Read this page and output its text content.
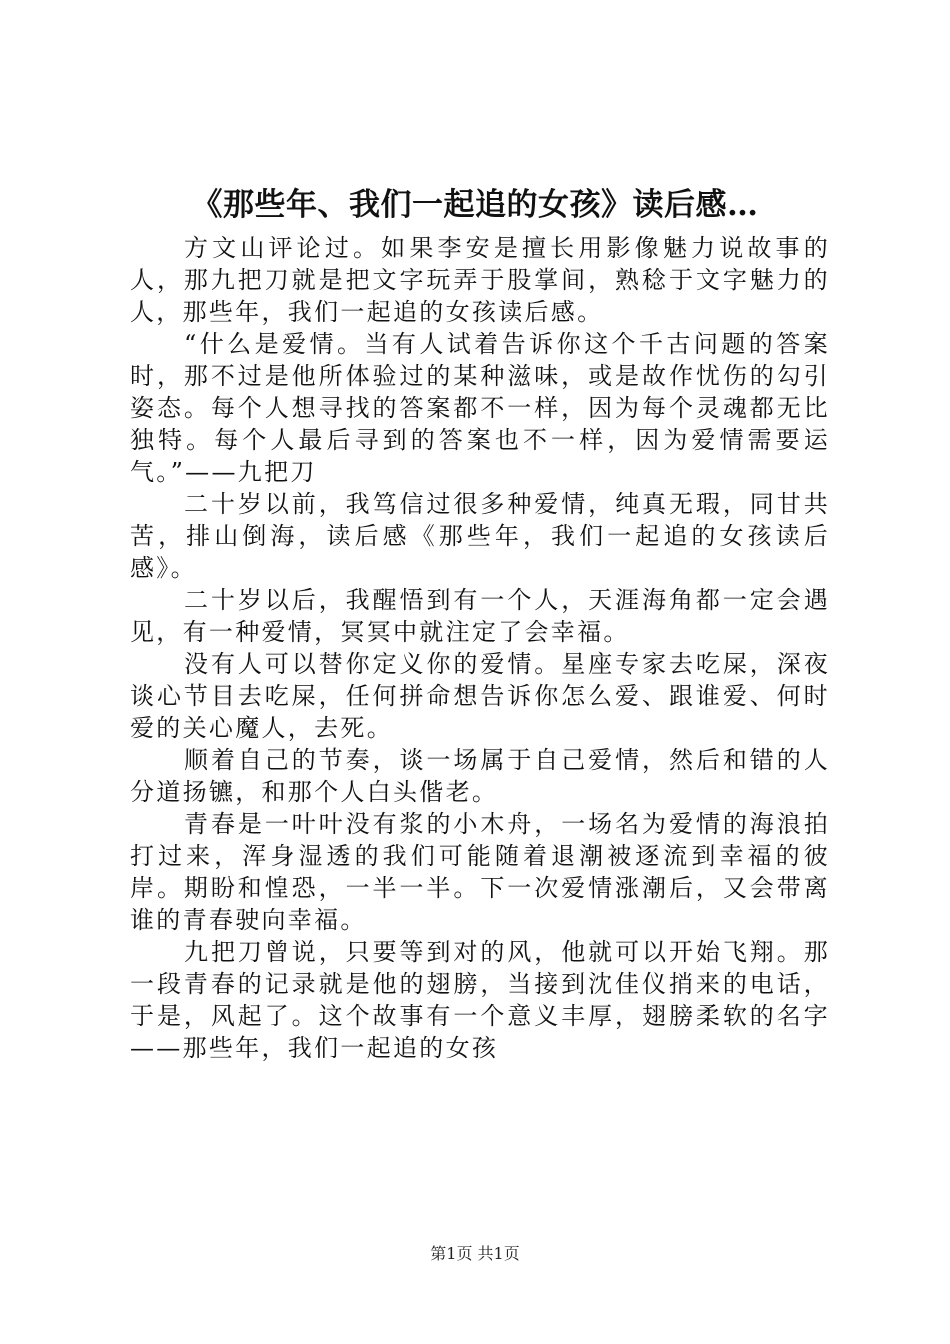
《那些年、我们一起追的女孩》读后感…

方文山评论过。如果李安是擅长用影像魅力说故事的人，那九把刀就是把文字玩弄于股掌间，熟稔于文字魅力的人，那些年，我们一起追的女孩读后感。

“什么是爱情。当有人试着告诉你这个千古问题的答案时，那不过是他所体验过的某种滋味，或是故作忧伤的勾引姿态。每个人想寻找的答案都不一样，因为每个灵魂都无比独特。每个人最后寻到的答案也不一样，因为爱情需要运气。”——九把刀

二十岁以前，我笃信过很多种爱情，纯真无瑕，同甘共苦，排山倒海，读后感《那些年，我们一起追的女孩读后感》。

二十岁以后，我醒悟到有一个人，天涯海角都一定会遇见，有一种爱情，冥冥中就注定了会幸福。

没有人可以替你定义你的爱情。星座专家去吃屎，深夜谈心节目去吃屎，任何拼命想告诉你怎么爱、跟谁爱、何时爱的关心魔人，去死。

顺着自己的节奏，谈一场属于自己爱情，然后和错的人分道扬镳，和那个人白头偕老。

青春是一叶叶没有浆的小木舟，一场名为爱情的海浪拍打过来，浑身湿透的我们可能随着退潮被逐流到幸福的彼岸。期盼和惶恐，一半一半。下一次爱情涨潮后，又会带离谁的青春驶向幸福。

九把刀曾说，只要等到对的风，他就可以开始飞翔。那一段青春的记录就是他的翅膀，当接到沈佳仪捎来的电话，于是，风起了。这个故事有一个意义丰厚，翅膀柔软的名字——那些年，我们一起追的女孩

第1页 共1页
